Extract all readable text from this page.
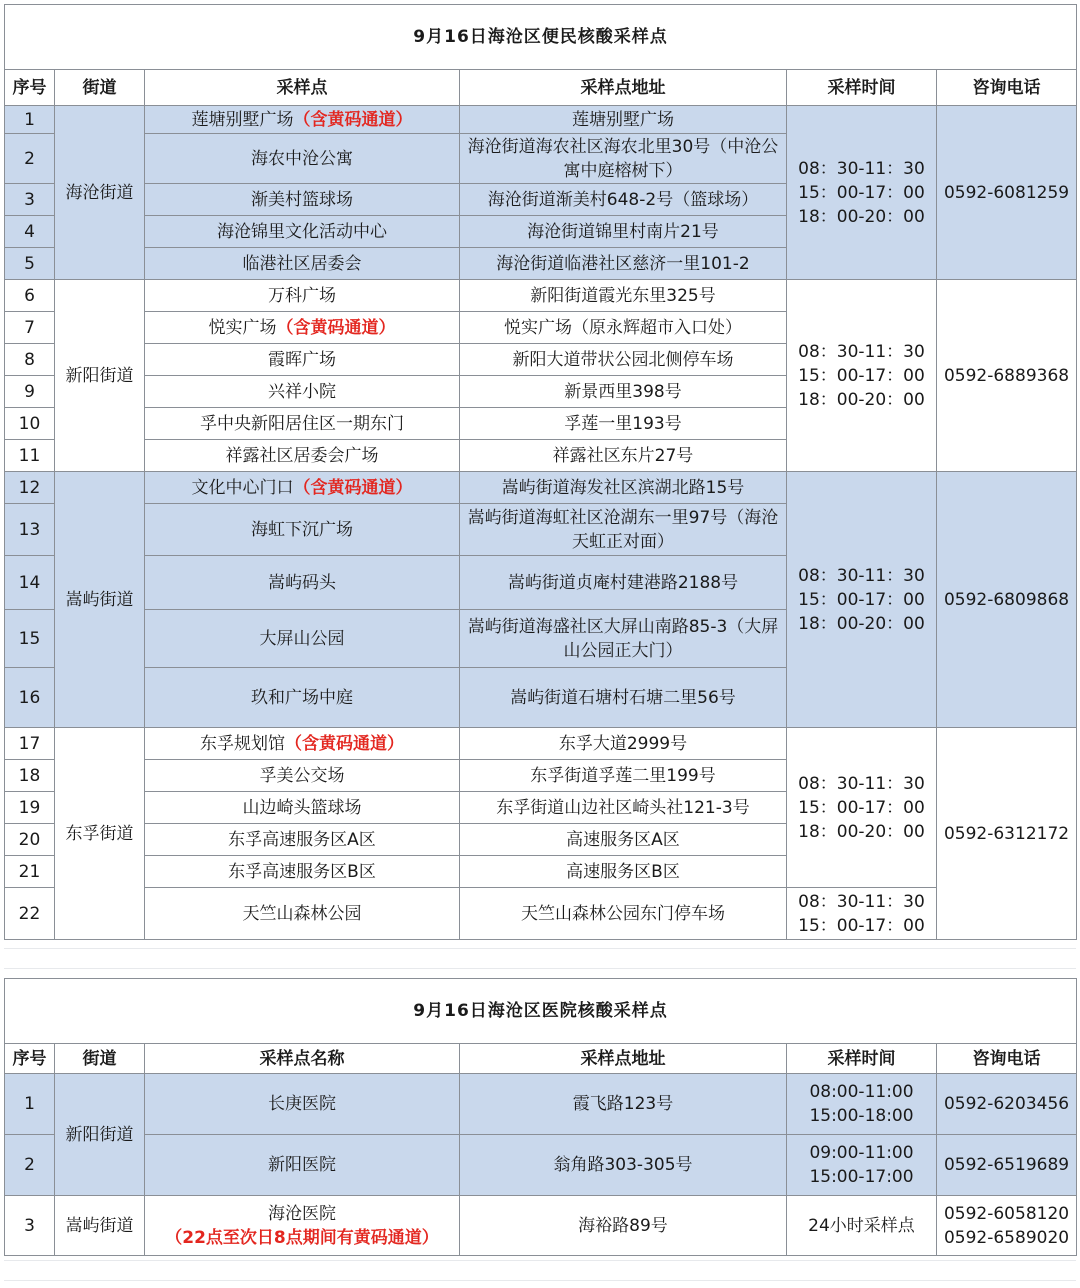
9月16日海沧区便民核酸采样点					
序号	街道	采样点	采样点地址	采样时间	咨询电话
1	海沧街道	莲塘别墅广场（含黄码通道）	莲塘别墅广场	08：30-11：30
15：00-17：00
18：00-20：00	0592-6081259
2		海农中沧公寓	海沧街道海农社区海农北里30号（中沧公寓中庭榕树下）		
3		渐美村篮球场	海沧街道渐美村648-2号（篮球场）		
4		海沧锦里文化活动中心	海沧街道锦里村南片21号		
5		临港社区居委会	海沧街道临港社区慈济一里101-2		
6	新阳街道	万科广场	新阳街道霞光东里325号	08：30-11：30
15：00-17：00
18：00-20：00	0592-6889368
7		悦实广场（含黄码通道）	悦实广场（原永辉超市入口处）		
8		霞晖广场	新阳大道带状公园北侧停车场		
9		兴祥小院	新景西里398号		
10		孚中央新阳居住区一期东门	孚莲一里193号		
11		祥露社区居委会广场	祥露社区东片27号		
12	嵩屿街道	文化中心门口（含黄码通道）	嵩屿街道海发社区滨湖北路15号	08：30-11：30
15：00-17：00
18：00-20：00	0592-6809868
13		海虹下沉广场	嵩屿街道海虹社区沧湖东一里97号（海沧天虹正对面）		
14		嵩屿码头	嵩屿街道贞庵村建港路2188号		
15		大屏山公园	嵩屿街道海盛社区大屏山南路85-3（大屏山公园正大门）		
16		玖和广场中庭	嵩屿街道石塘村石塘二里56号		
17	东孚街道	东孚规划馆（含黄码通道）	东孚大道2999号	08：30-11：30
15：00-17：00
18：00-20：00	0592-6312172
18		孚美公交场	东孚街道孚莲二里199号		
19		山边崎头篮球场	东孚街道山边社区崎头社121-3号		
20		东孚高速服务区A区	高速服务区A区		
21		东孚高速服务区B区	高速服务区B区		
22		天竺山森林公园	天竺山森林公园东门停车场	08：30-11：30
15：00-17：00	
9月16日海沧区医院核酸采样点					
序号	街道	采样点名称	采样点地址	采样时间	咨询电话
1	新阳街道	长庚医院	霞飞路123号	08:00-11:00
15:00-18:00	0592-6203456
2		新阳医院	翁角路303-305号	09:00-11:00
15:00-17:00	0592-6519689
3	嵩屿街道	海沧医院
（22点至次日8点期间有黄码通道）	海裕路89号	24小时采样点	0592-6058120
0592-6589020
